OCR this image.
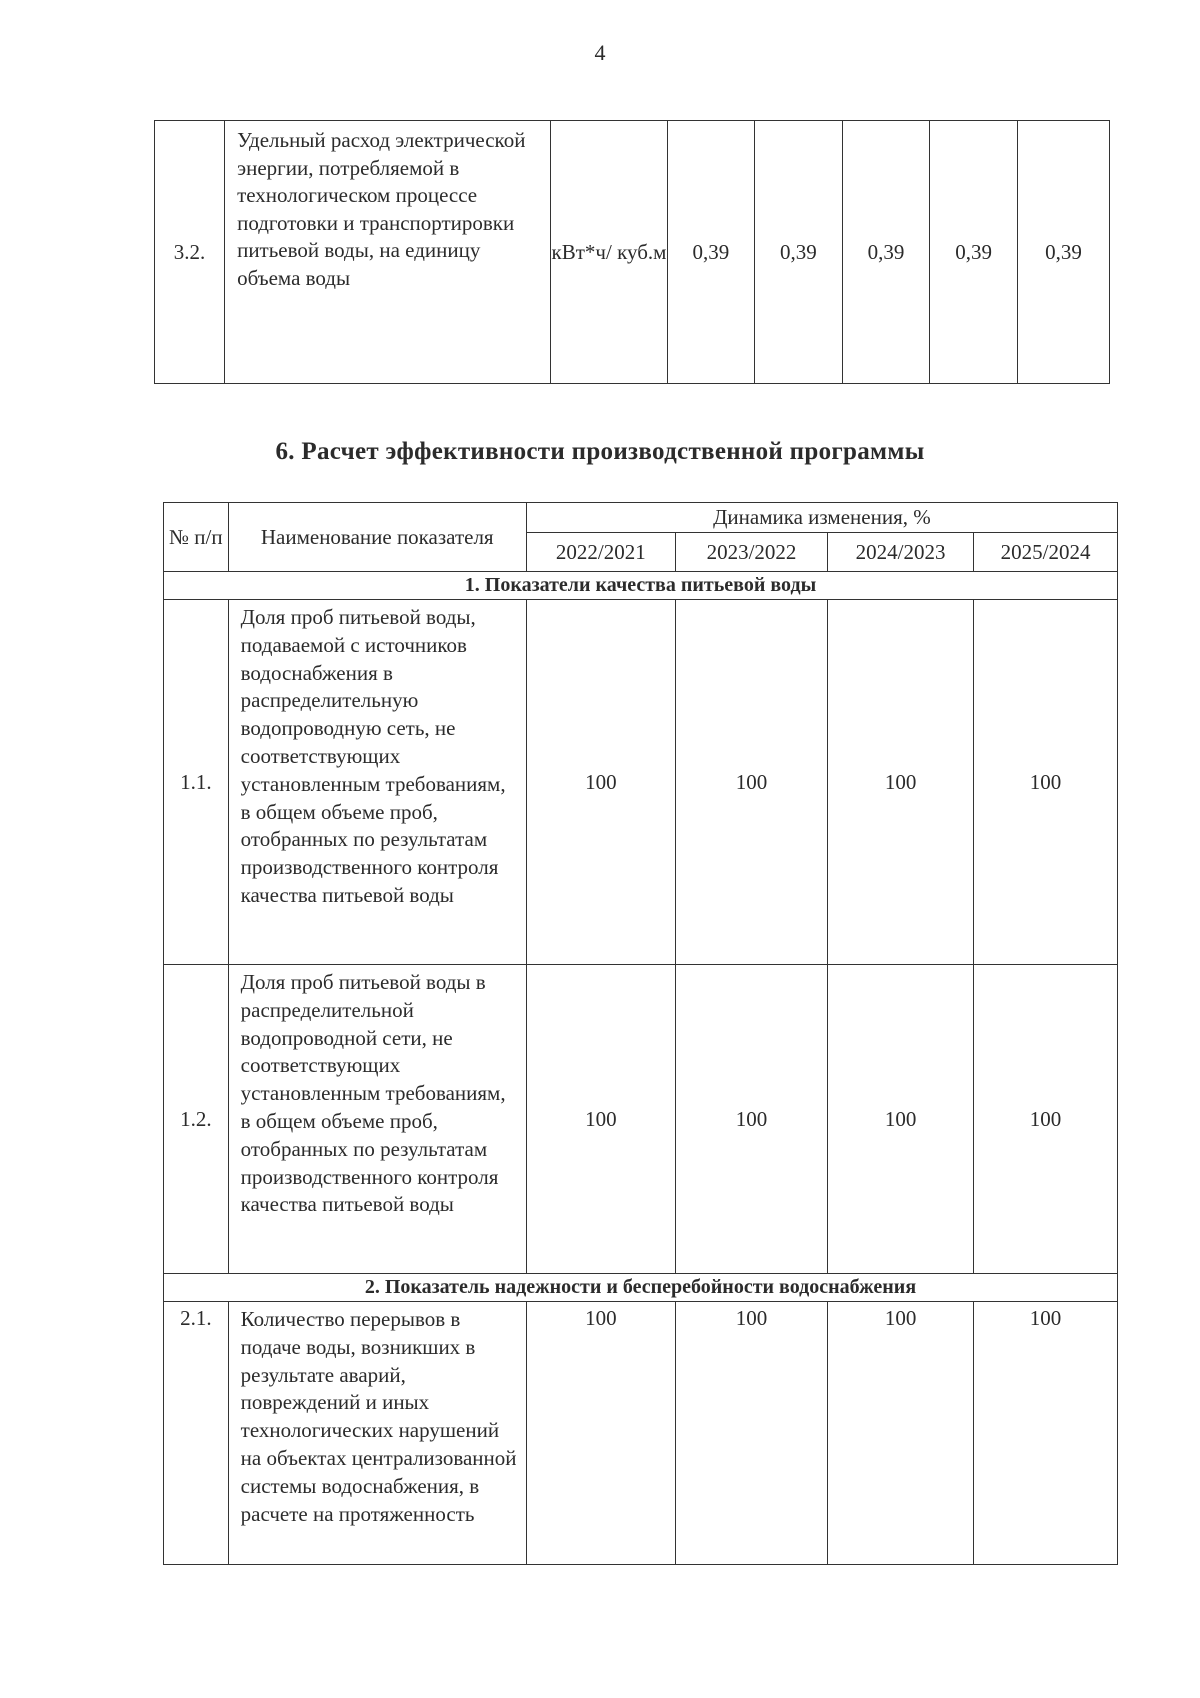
4
3.2.	Удельный расход электрической энергии, потребляемой в технологическом процессе подготовки и транспортировки питьевой воды, на единицу объема воды	кВт*ч/ куб.м	0,39	0,39	0,39	0,39	0,39
6. Расчет эффективности производственной программы
№ п/п	Наименование показателя	Динамика изменения, %			
		2022/2021	2023/2022	2024/2023	2025/2024
1. Показатели качества питьевой воды					
1.1.	Доля проб питьевой воды, подаваемой с источников водоснабжения в распределительную водопроводную сеть, не соответствующих установленным требованиям, в общем объеме проб, отобранных по результатам производственного контроля качества питьевой воды	100	100	100	100
1.2.	Доля проб питьевой воды в распределительной водопроводной сети, не соответствующих установленным требованиям, в общем объеме проб, отобранных по результатам производственного контроля качества питьевой воды	100	100	100	100
2. Показатель надежности и бесперебойности водоснабжения					
2.1.	Количество перерывов в подаче воды, возникших в результате аварий, повреждений и иных технологических нарушений на объектах централизованной системы водоснабжения, в расчете на протяженность	100	100	100	100
